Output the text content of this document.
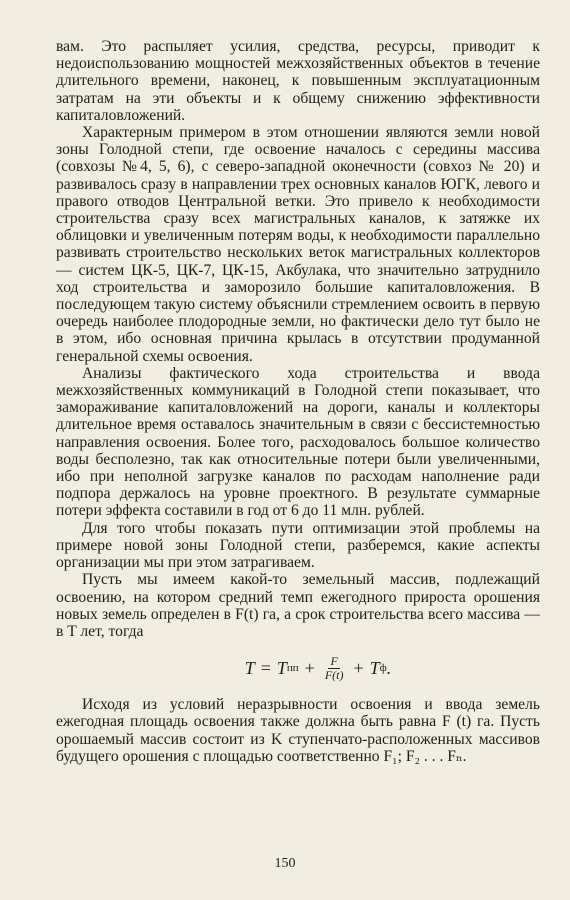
вам. Это распыляет усилия, средства, ресурсы, приводит к недоиспользованию мощностей межхозяйственных объектов в течение длительного времени, наконец, к повышенным эксплуатационным затратам на эти объекты и к общему снижению эффективности капиталовложений.

Характерным примером в этом отношении являются земли новой зоны Голодной степи, где освоение началось с середины массива (совхозы №4, 5, 6), с северо-западной оконечности (совхоз № 20) и развивалось сразу в направлении трех основных каналов ЮГК, левого и правого отводов Центральной ветки. Это привело к необходимости строительства сразу всех магистральных каналов, к затяжке их облицовки и увеличенным потерям воды, к необходимости параллельно развивать строительство нескольких веток магистральных коллекторов— систем ЦК-5, ЦК-7, ЦК-15, Акбулака, что значительно затруднило ход строительства и заморозило большие капиталовложения. В последующем такую систему объяснили стремлением освоить в первую очередь наиболее плодородные земли, но фактически дело тут было не в этом, ибо основная причина крылась в отсутствии продуманной генеральной схемы освоения.

Анализы фактического хода строительства и ввода межхозяйственных коммуникаций в Голодной степи показывает, что замораживание капиталовложений на дороги, каналы и коллекторы длительное время оставалось значительным в связи с бессистемностью направления освоения. Более того, расходовалось большое количество воды бесполезно, так как относительные потери были увеличенными, ибо при неполной загрузке каналов по расходам наполнение ради подпора держалось на уровне проектного. В результате суммарные потери эффекта составили в год от 6 до 11 млн. рублей.

Для того чтобы показать пути оптимизации этой проблемы на примере новой зоны Голодной степи, разберемся, какие аспекты организации мы при этом затрагиваем.

Пусть мы имеем какой-то земельный массив, подлежащий освоению, на котором средний темп ежегодного прироста орошения новых земель определен в F(t) га, а срок строительства всего массива — в T лет, тогда

T = T пп + $\frac{F}{F(t)} + T$ ф .

Исходя из условий неразрывности освоения и ввода земель ежегодная площадь освоения также должна быть равна F (t) га. Пусть орошаемый массив состоит из K ступенчато-расположенных массивов будущего орошения с площадью соответственно F₁; F₂ . . . Fₙ.

150
